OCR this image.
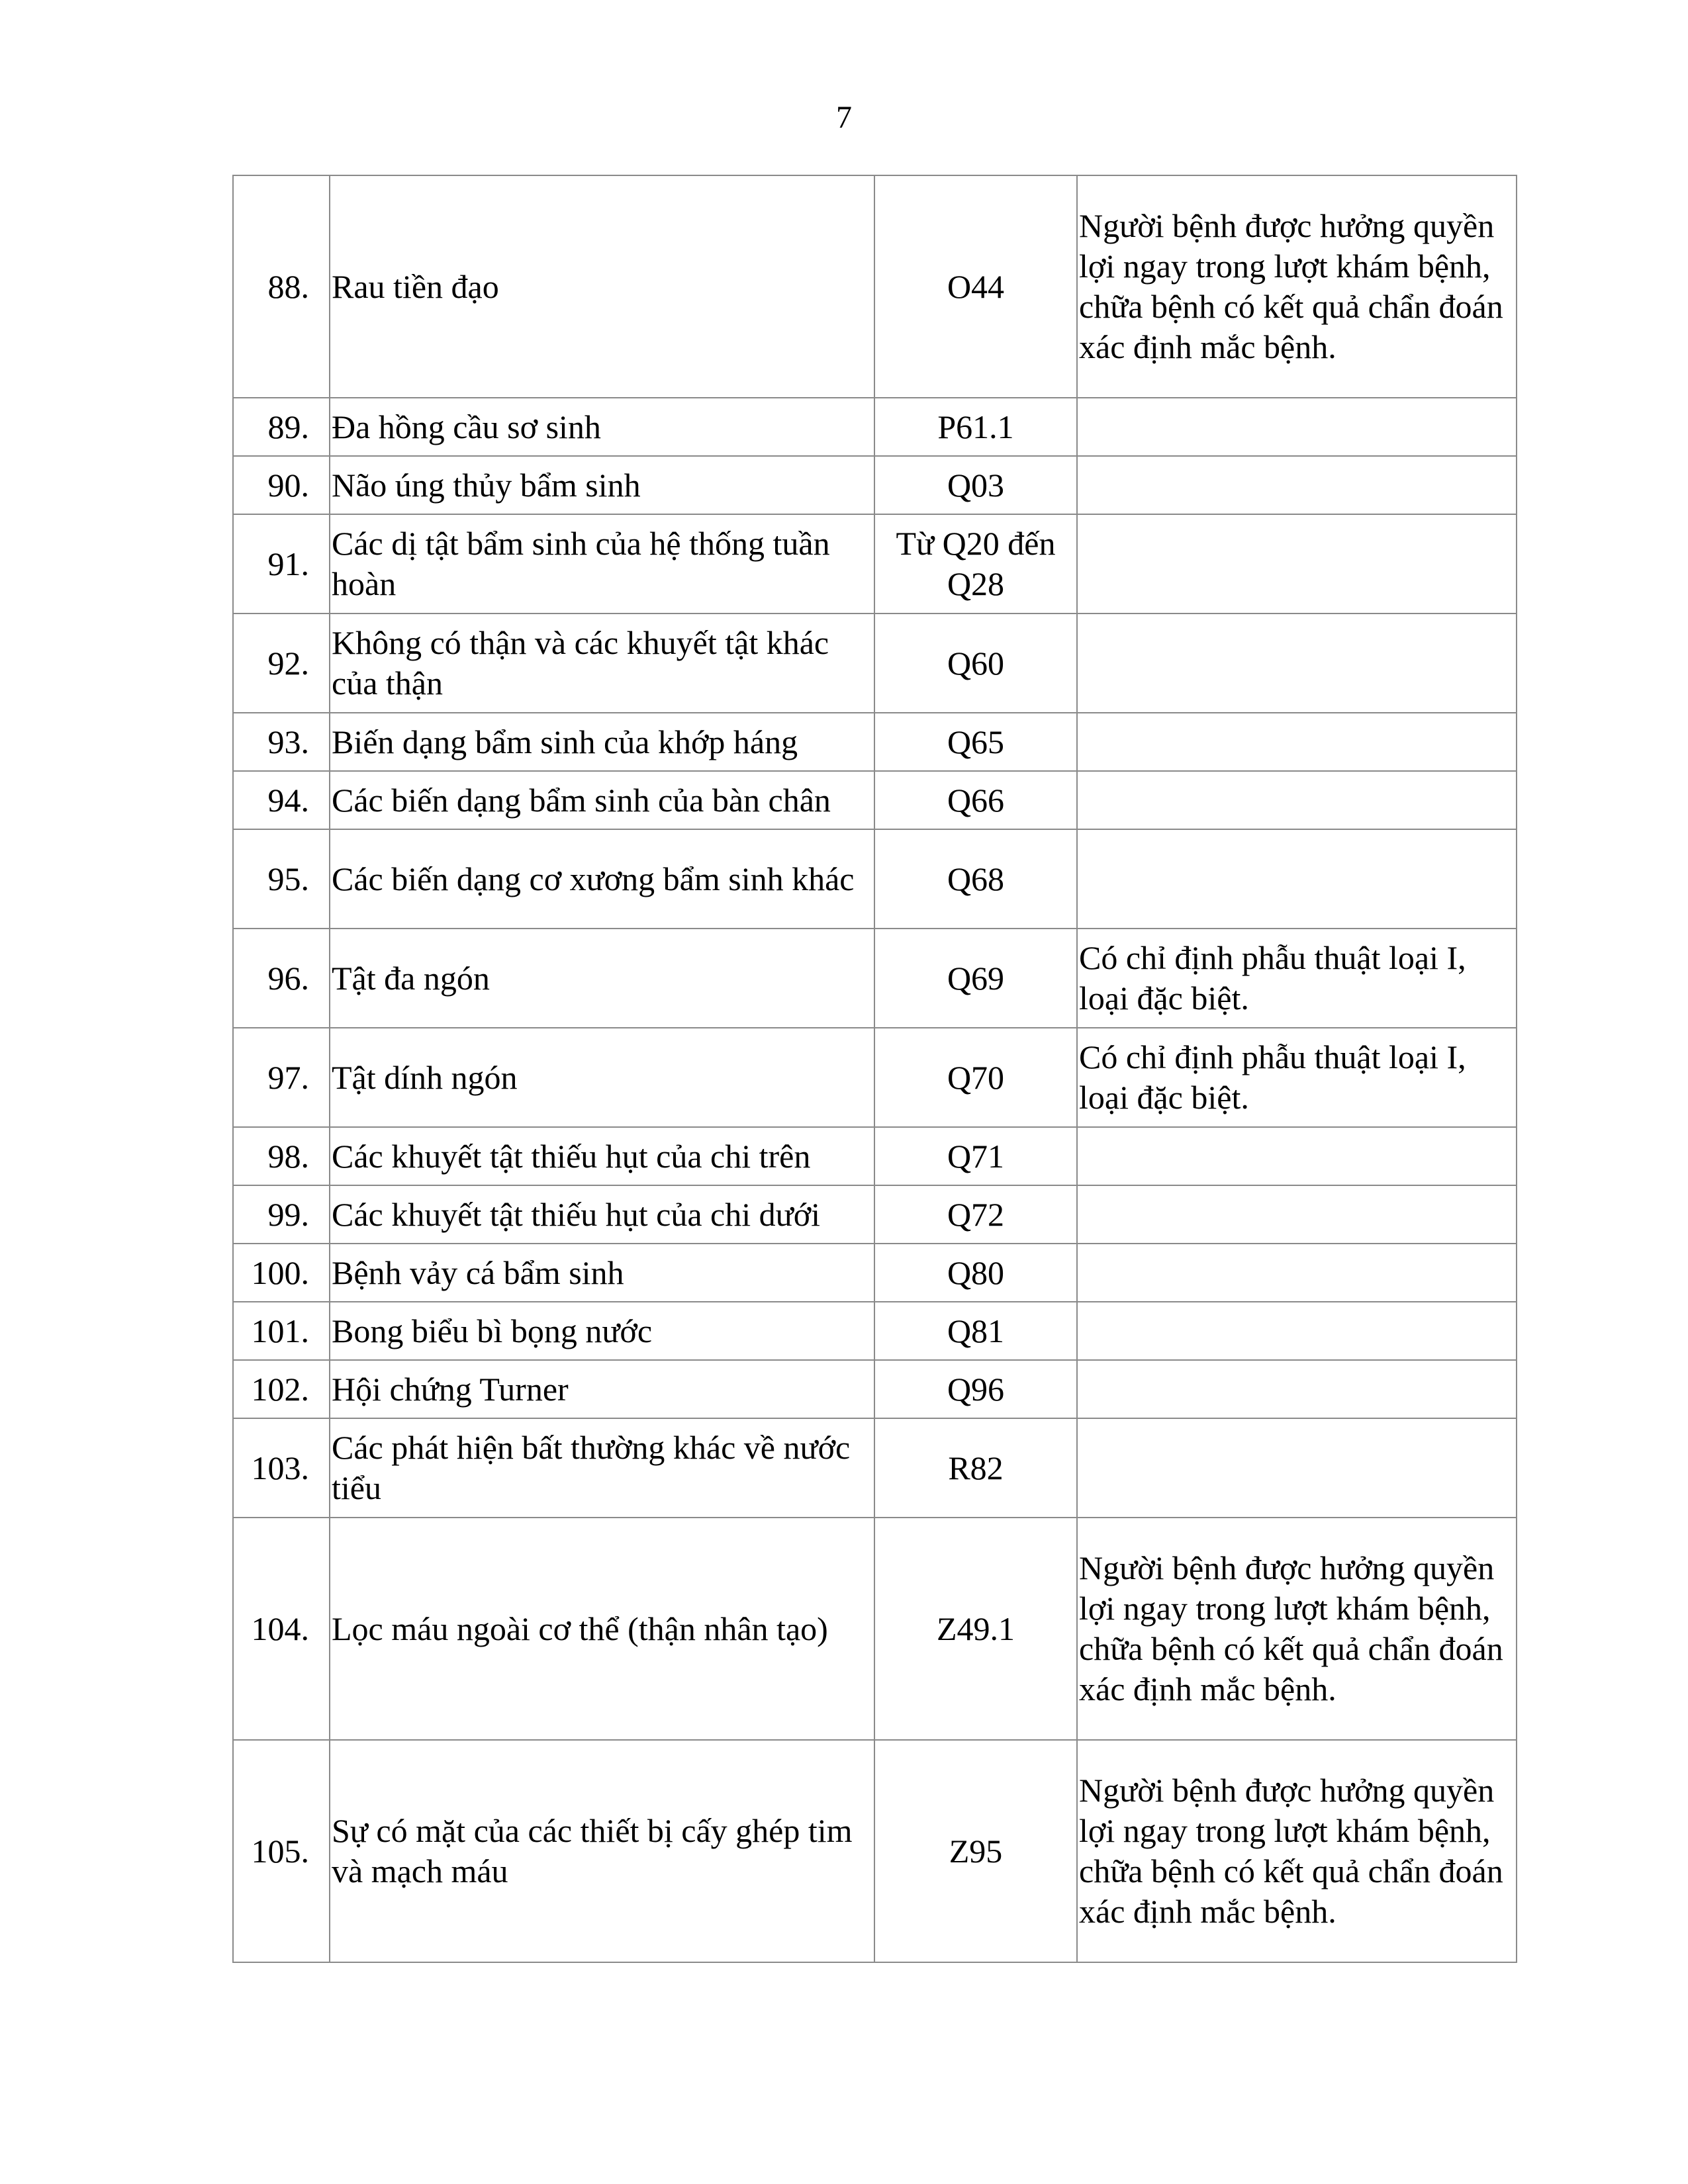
7
88.	Rau tiền đạo	O44	Người bệnh được hưởng quyền lợi ngay trong lượt khám bệnh, chữa bệnh có kết quả chẩn đoán xác định mắc bệnh.
89.	Đa hồng cầu sơ sinh	P61.1	
90.	Não úng thủy bẩm sinh	Q03	
91.	Các dị tật bẩm sinh của hệ thống tuần hoàn	Từ Q20 đến Q28	
92.	Không có thận và các khuyết tật khác của thận	Q60	
93.	Biến dạng bẩm sinh của khớp háng	Q65	
94.	Các biến dạng bẩm sinh của bàn chân	Q66	
95.	Các biến dạng cơ xương bẩm sinh khác	Q68	
96.	Tật đa ngón	Q69	Có chỉ định phẫu thuật loại I, loại đặc biệt.
97.	Tật dính ngón	Q70	Có chỉ định phẫu thuật loại I, loại đặc biệt.
98.	Các khuyết tật thiếu hụt của chi trên	Q71	
99.	Các khuyết tật thiếu hụt của chi dưới	Q72	
100.	Bệnh vảy cá bẩm sinh	Q80	
101.	Bong biểu bì bọng nước	Q81	
102.	Hội chứng Turner	Q96	
103.	Các phát hiện bất thường khác về nước tiểu	R82	
104.	Lọc máu ngoài cơ thể (thận nhân tạo)	Z49.1	Người bệnh được hưởng quyền lợi ngay trong lượt khám bệnh, chữa bệnh có kết quả chẩn đoán xác định mắc bệnh.
105.	Sự có mặt của các thiết bị cấy ghép tim và mạch máu	Z95	Người bệnh được hưởng quyền lợi ngay trong lượt khám bệnh, chữa bệnh có kết quả chẩn đoán xác định mắc bệnh.
